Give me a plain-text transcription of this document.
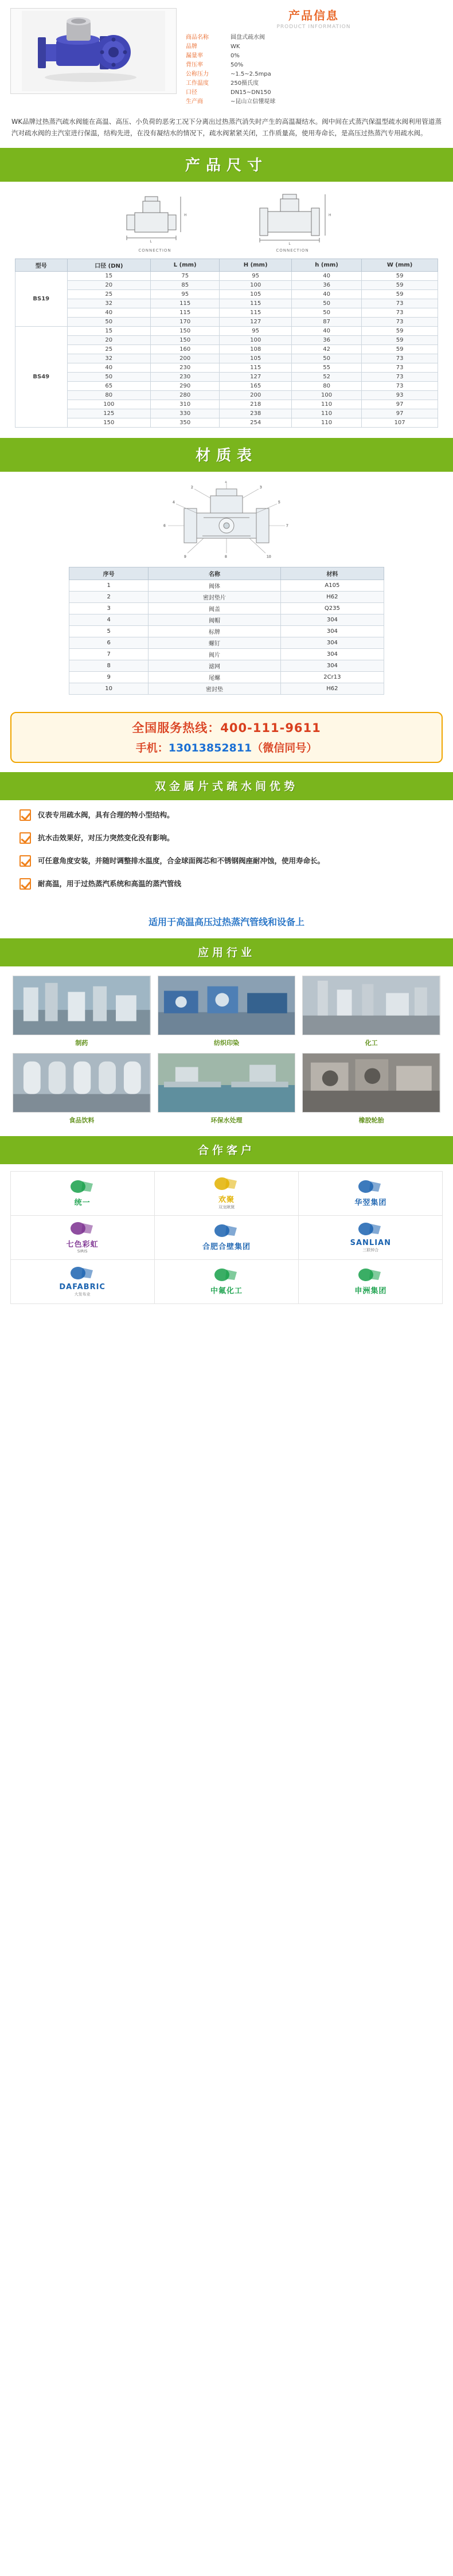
产品信息
PRODUCT INFORMATION
商品名称	圆盘式疏水阀
品牌	WK
漏量率	0%
背压率	50%
公称压力	~1.5~2.5mpa
工作温度	250摄氏度
口径	DN15~DN150
生产商	~昆山立信懂堤球
WK品牌过热蒸汽疏水阀能在高温、高压、小负荷的恶劣工况下分离出过热蒸汽消失时产生的高温凝结水。阀中间在式蒸汽保温型疏水阀利用管道蒸汽对疏水阀的主汽室进行保温，结构先进，在没有凝结水的情况下，疏水阀紧紧关闭，工作质量高，使用寿命长，是高压过热蒸汽专用疏水阀。
产品尺寸
L
H
CONNECTION
L
H
CONNECTION
型号	口径 (DN)	L (mm)	H (mm)	h (mm)	W (mm)
BS19	15	75	95	40	59
	20	85	100	36	59
	25	95	105	40	59
	32	115	115	50	73
	40	115	115	50	73
	50	170	127	87	73
BS49	15	150	95	40	59
	20	150	100	36	59
	25	160	108	42	59
	32	200	105	50	73
	40	230	115	55	73
	50	230	127	52	73
	65	290	165	80	73
	80	280	200	100	93
	100	310	218	110	97
	125	330	238	110	97
	150	350	254	110	107
材质表
1
2	3
4	5
8
9	10
6	7
序号	名称	材料
1	阀体	A105
2	密封垫片	H62
3	阀盖	Q235
4	阀帽	304
5	标牌	304
6	螺钉	304
7	阀片	304
8	滤网	304
9	尾螺	2Cr13
10	密封垫	H62
全国服务热线：400-111-9611
手机：13013852811（微信同号）
双金属片式疏水间优势
仪表专用疏水阀，具有合理的特小型结构。
抗水击效果好，对压力突然变化没有影响。
可任意角度安装，并随时调整排水温度，合金球面阀芯和不锈钢阀座耐冲蚀，使用寿命长。
耐高温，用于过热蒸汽系统和高温的蒸汽管线
适用于高温高压过热蒸汽管线和设备上
应用行业
制药	纺织印染	化工
食品饮料	环保水处理	橡胶轮胎
合作客户
统一	欢聚
双龙瞅黛	华翌集团
七色彩虹
SIRIS	合肥合壁集团	SANLIAN
三联钟合
DAFABRIC
大发布业	中氟化工	申洲集团
